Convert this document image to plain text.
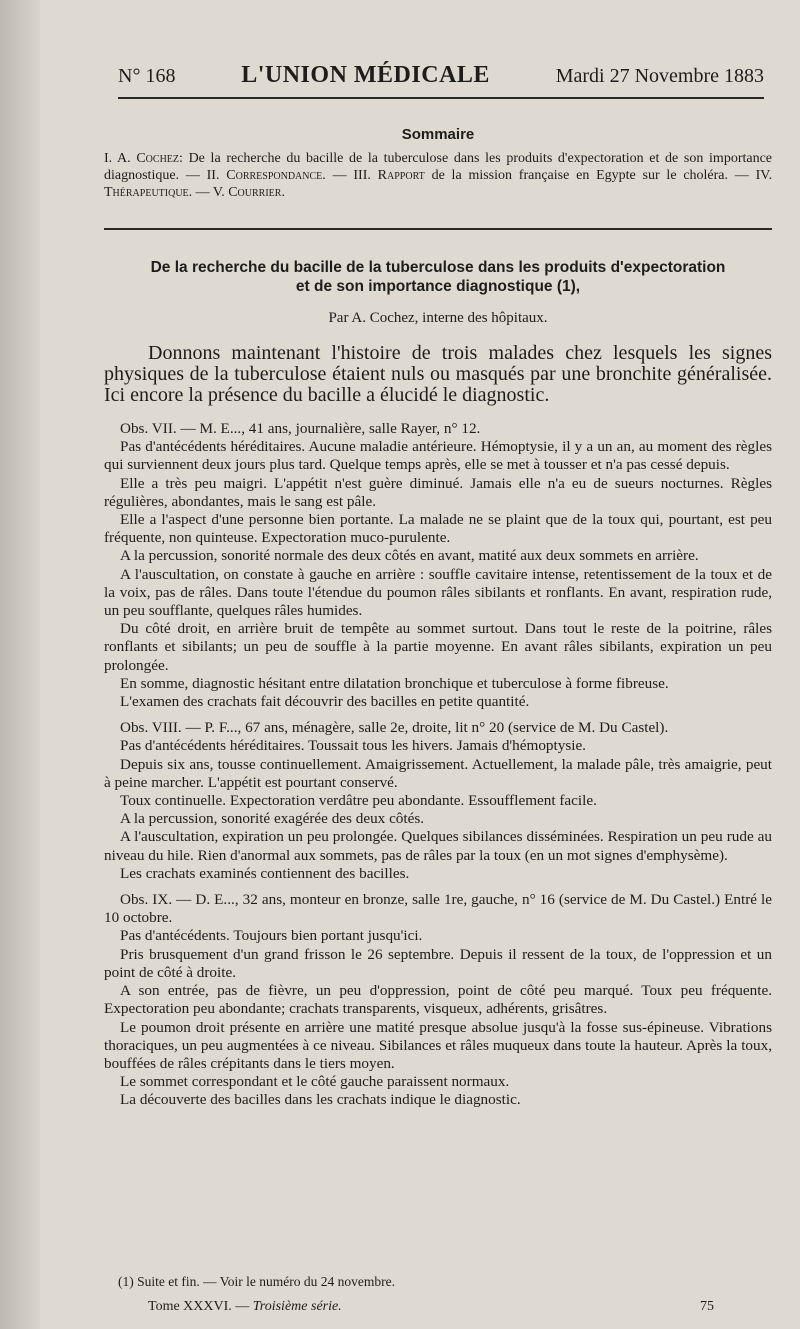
N° 168	L'UNION MÉDICALE	Mardi 27 Novembre 1883
Sommaire
I. A. Cochez: De la recherche du bacille de la tuberculose dans les produits d'expectoration et de son importance diagnostique. — II. Correspondance. — III. Rapport de la mission française en Egypte sur le choléra. — IV. Thérapeutique. — V. Courrier.
De la recherche du bacille de la tuberculose dans les produits d'expectoration
et de son importance diagnostique (1),
Par A. Cochez, interne des hôpitaux.
Donnons maintenant l'histoire de trois malades chez lesquels les signes physiques de la tuberculose étaient nuls ou masqués par une bronchite généralisée. Ici encore la présence du bacille a élucidé le diagnostic.

Obs. VII. — M. E..., 41 ans, journalière, salle Rayer, n° 12.

Pas d'antécédents héréditaires. Aucune maladie antérieure. Hémoptysie, il y a un an, au moment des règles qui surviennent deux jours plus tard. Quelque temps après, elle se met à tousser et n'a pas cessé depuis.

Elle a très peu maigri. L'appétit n'est guère diminué. Jamais elle n'a eu de sueurs nocturnes. Règles régulières, abondantes, mais le sang est pâle.

Elle a l'aspect d'une personne bien portante. La malade ne se plaint que de la toux qui, pourtant, est peu fréquente, non quinteuse. Expectoration muco-purulente.

A la percussion, sonorité normale des deux côtés en avant, matité aux deux sommets en arrière.

A l'auscultation, on constate à gauche en arrière : souffle cavitaire intense, retentissement de la toux et de la voix, pas de râles. Dans toute l'étendue du poumon râles sibilants et ronflants. En avant, respiration rude, un peu soufflante, quelques râles humides.

Du côté droit, en arrière bruit de tempête au sommet surtout. Dans tout le reste de la poitrine, râles ronflants et sibilants; un peu de souffle à la partie moyenne. En avant râles sibilants, expiration un peu prolongée.

En somme, diagnostic hésitant entre dilatation bronchique et tuberculose à forme fibreuse.

L'examen des crachats fait découvrir des bacilles en petite quantité.

Obs. VIII. — P. F..., 67 ans, ménagère, salle 2e, droite, lit n° 20 (service de M. Du Castel).

Pas d'antécédents héréditaires. Toussait tous les hivers. Jamais d'hémoptysie.

Depuis six ans, tousse continuellement. Amaigrissement. Actuellement, la malade pâle, très amaigrie, peut à peine marcher. L'appétit est pourtant conservé.

Toux continuelle. Expectoration verdâtre peu abondante. Essoufflement facile.

A la percussion, sonorité exagérée des deux côtés.

A l'auscultation, expiration un peu prolongée. Quelques sibilances disséminées. Respiration un peu rude au niveau du hile. Rien d'anormal aux sommets, pas de râles par la toux (en un mot signes d'emphysème).

Les crachats examinés contiennent des bacilles.

Obs. IX. — D. E..., 32 ans, monteur en bronze, salle 1re, gauche, n° 16 (service de M. Du Castel.) Entré le 10 octobre.

Pas d'antécédents. Toujours bien portant jusqu'ici.

Pris brusquement d'un grand frisson le 26 septembre. Depuis il ressent de la toux, de l'oppression et un point de côté à droite.

A son entrée, pas de fièvre, un peu d'oppression, point de côté peu marqué. Toux peu fréquente. Expectoration peu abondante; crachats transparents, visqueux, adhérents, grisâtres.

Le poumon droit présente en arrière une matité presque absolue jusqu'à la fosse sus-épineuse. Vibrations thoraciques, un peu augmentées à ce niveau. Sibilances et râles muqueux dans toute la hauteur. Après la toux, bouffées de râles crépitants dans le tiers moyen.

Le sommet correspondant et le côté gauche paraissent normaux.

La découverte des bacilles dans les crachats indique le diagnostic.

(1) Suite et fin. — Voir le numéro du 24 novembre.
Tome XXXVI. — Troisième série.	75
